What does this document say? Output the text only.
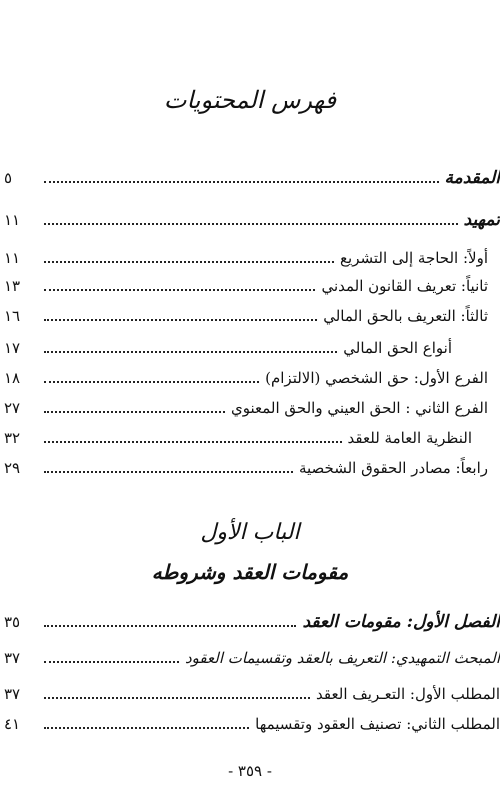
فهرس المحتويات
المقدمة
٥
تمهيد
١١
أولاً: الحاجة إلى التشريع
١١
ثانياً: تعريف القانون المدني
١٣
ثالثاً: التعريف بالحق المالي
١٦
أنواع الحق المالي
١٧
الفرع الأول: حق الشخصي (الالتزام)
١٨
الفرع الثاني : الحق العيني والحق المعنوي
٢٧
النظرية العامة للعقد
٣٢
رابعاً: مصادر الحقوق الشخصية
٢٩
الباب الأول
مقومات العقد وشروطه
الفصل الأول: مقومات العقد
٣٥
المبحث التمهيدي: التعريف بالعقد وتقسيمات العقود
٣٧
المطلب الأول: التعـريف العقد
٣٧
المطلب الثاني: تصنيف العقود وتقسيمها
٤١
- ٣٥٩ -
